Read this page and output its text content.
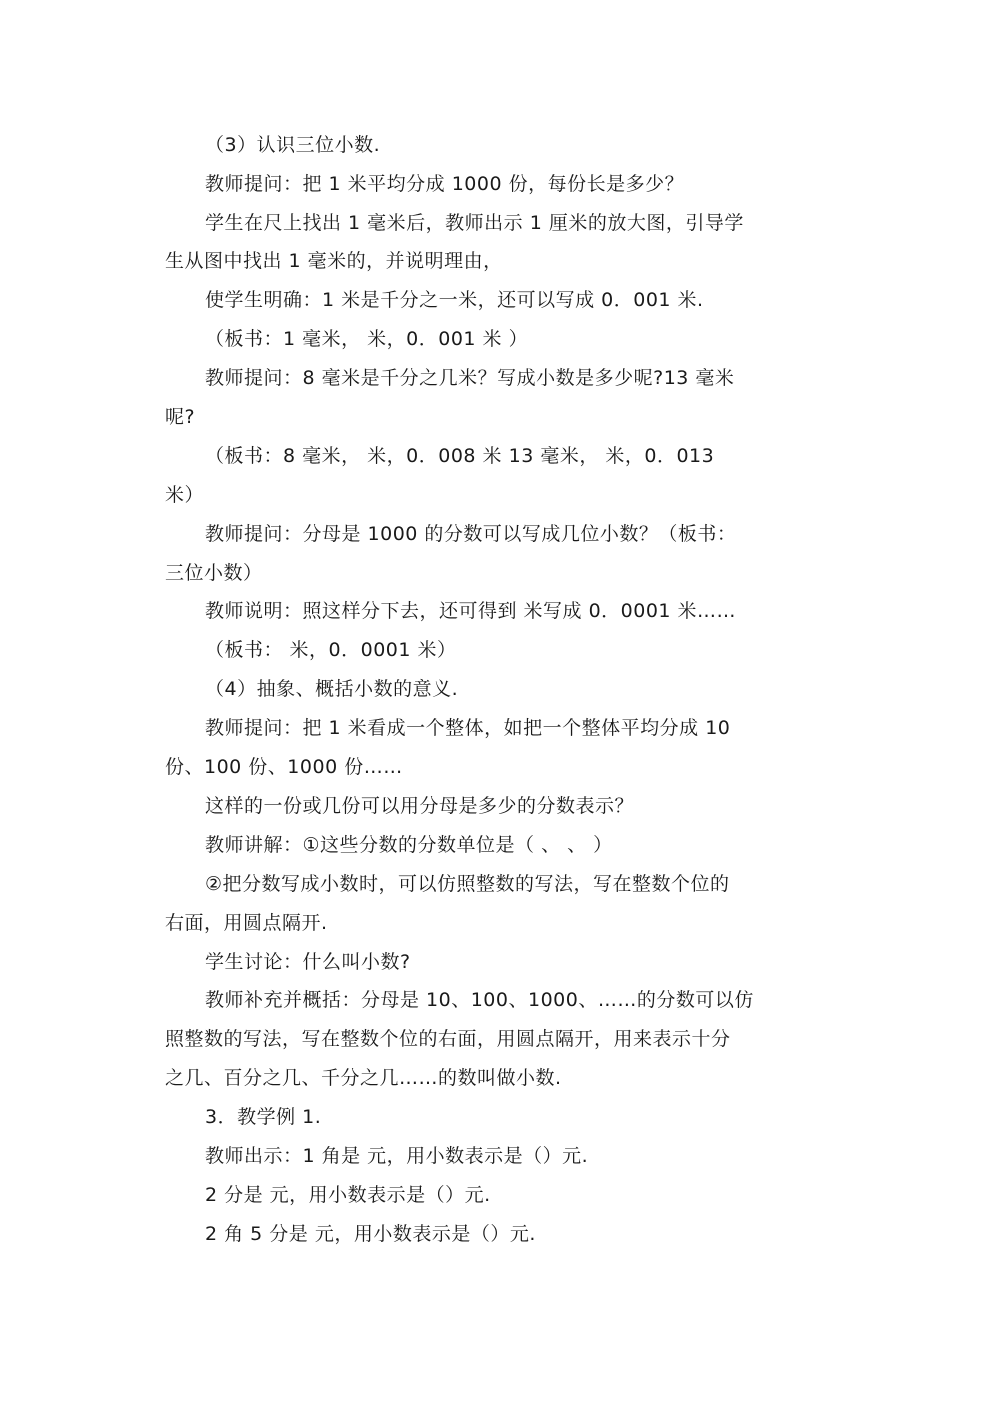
（3）认识三位小数.
教师提问：把 1 米平均分成 1000 份，每份长是多少？
学生在尺上找出 1 毫米后，教师出示 1 厘米的放大图，引导学
生从图中找出 1 毫米的，并说明理由，
使学生明确：1 米是千分之一米，还可以写成 0．001 米.
（板书：1 毫米， 米，0．001 米 ）
教师提问：8 毫米是千分之几米？写成小数是多少呢?13 毫米
呢?
（板书：8 毫米， 米，0．008 米 13 毫米， 米，0．013
米）
教师提问：分母是 1000 的分数可以写成几位小数？（板书：
三位小数）
教师说明：照这样分下去，还可得到 米写成 0．0001 米……
（板书： 米，0．0001 米）
（4）抽象、概括小数的意义.
教师提问：把 1 米看成一个整体，如把一个整体平均分成 10
份、100 份、1000 份……
这样的一份或几份可以用分母是多少的分数表示？
教师讲解：①这些分数的分数单位是（ 、 、 ）
②把分数写成小数时，可以仿照整数的写法，写在整数个位的
右面，用圆点隔开.
学生讨论：什么叫小数?
教师补充并概括：分母是 10、100、1000、……的分数可以仿
照整数的写法，写在整数个位的右面，用圆点隔开，用来表示十分
之几、百分之几、千分之几……的数叫做小数.
3．教学例 1.
教师出示：1 角是 元，用小数表示是（）元.
2 分是 元，用小数表示是（）元.
2 角 5 分是 元，用小数表示是（）元.
